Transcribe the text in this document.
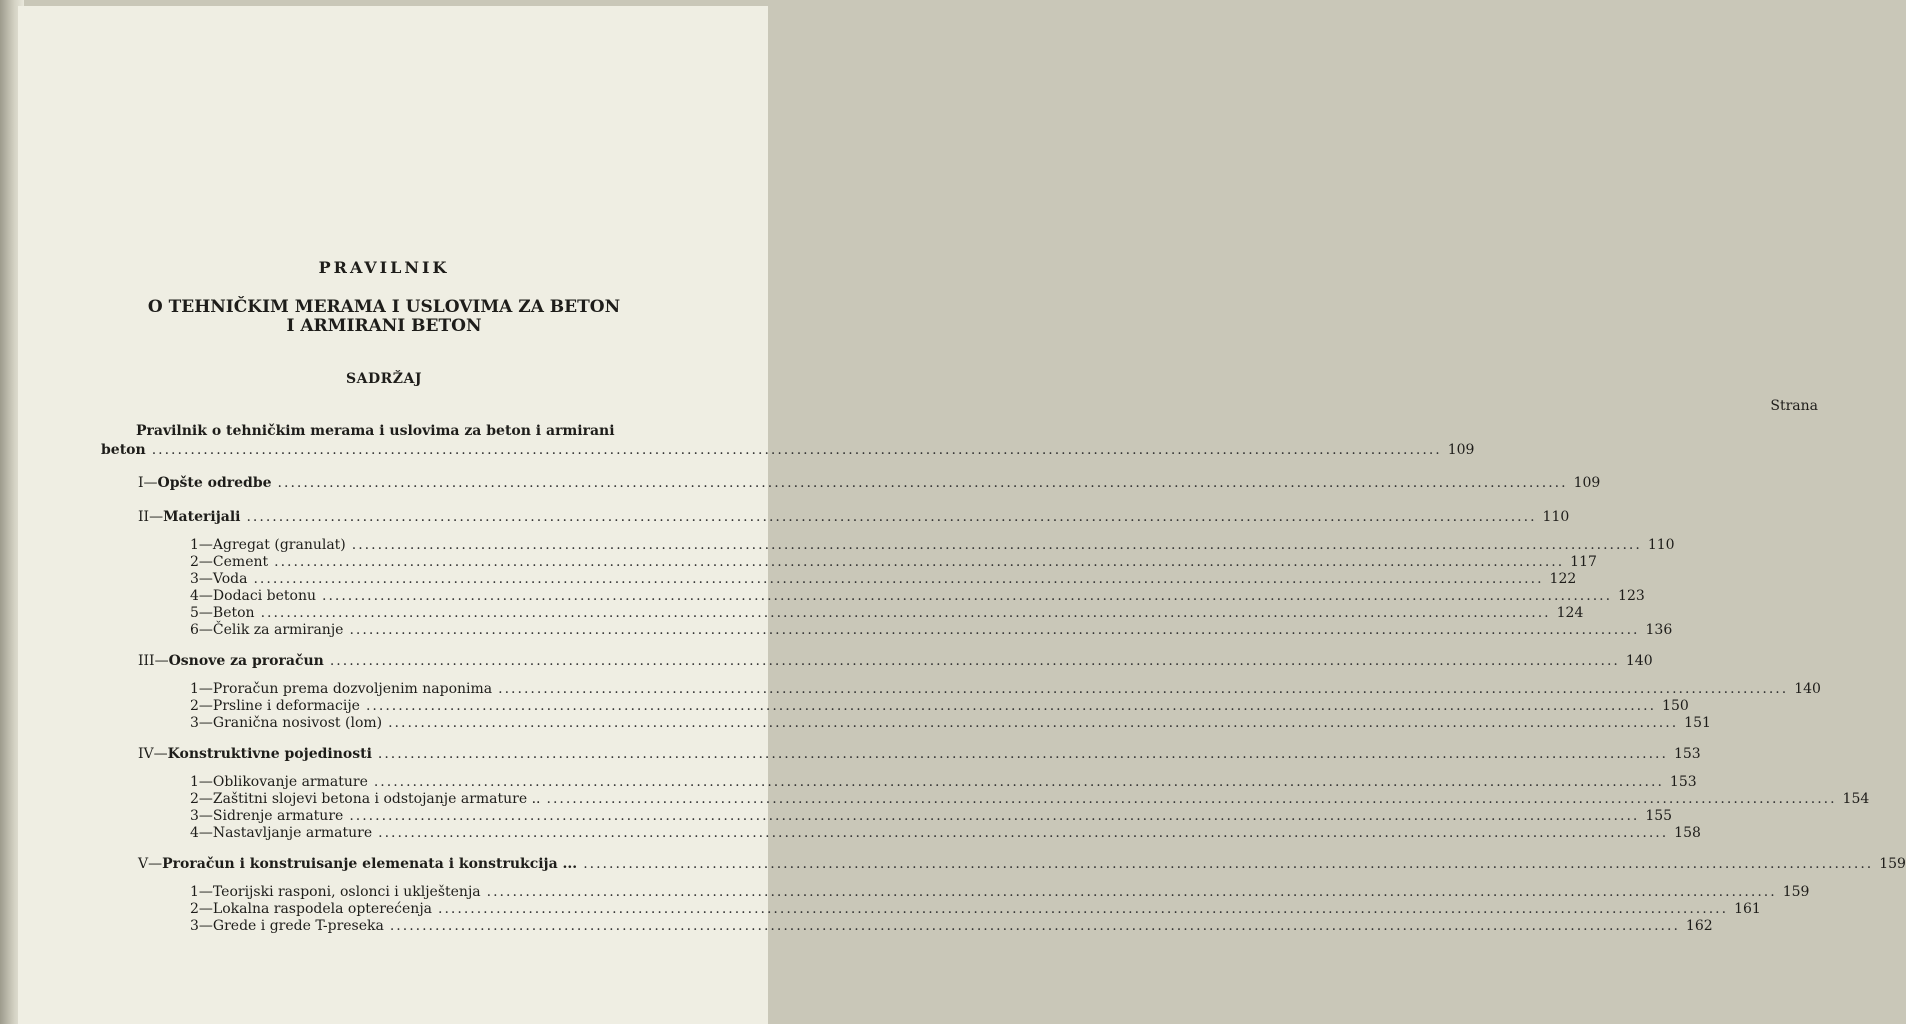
PRAVILNIK
O TEHNIČKIM MERAMA I USLOVIMA ZA BETON
I ARMIRANI BETON
SADRŽAJ
Strana
Pravilnik o tehničkim merama i uslovima za beton i armirani
beton ........................................................................................................................................................................................................ 109
I — Opšte odredbe ........................................................................................................................................................................................................ 109
II — Materijali ........................................................................................................................................................................................................ 110
1 — Agregat (granulat) ........................................................................................................................................................................................................ 110
2 — Cement ........................................................................................................................................................................................................ 117
3 — Voda ........................................................................................................................................................................................................ 122
4 — Dodaci betonu ........................................................................................................................................................................................................ 123
5 — Beton ........................................................................................................................................................................................................ 124
6 — Čelik za armiranje ........................................................................................................................................................................................................ 136
III — Osnove za proračun ........................................................................................................................................................................................................ 140
1 — Proračun prema dozvoljenim naponima ........................................................................................................................................................................................................ 140
2 — Prsline i deformacije ........................................................................................................................................................................................................ 150
3 — Granična nosivost (lom) ........................................................................................................................................................................................................ 151
IV — Konstruktivne pojedinosti ........................................................................................................................................................................................................ 153
1 — Oblikovanje armature ........................................................................................................................................................................................................ 153
2 — Zaštitni slojevi betona i odstojanje armature .. ........................................................................................................................................................................................................ 154
3 — Sidrenje armature ........................................................................................................................................................................................................ 155
4 — Nastavljanje armature ........................................................................................................................................................................................................ 158
V — Proračun i konstruisanje elemenata i konstrukcija ... ........................................................................................................................................................................................................ 159
1 — Teorijski rasponi, oslonci i uklještenja ........................................................................................................................................................................................................ 159
2 — Lokalna raspodela opterećenja ........................................................................................................................................................................................................ 161
3 — Grede i grede T-preseka ........................................................................................................................................................................................................ 162
